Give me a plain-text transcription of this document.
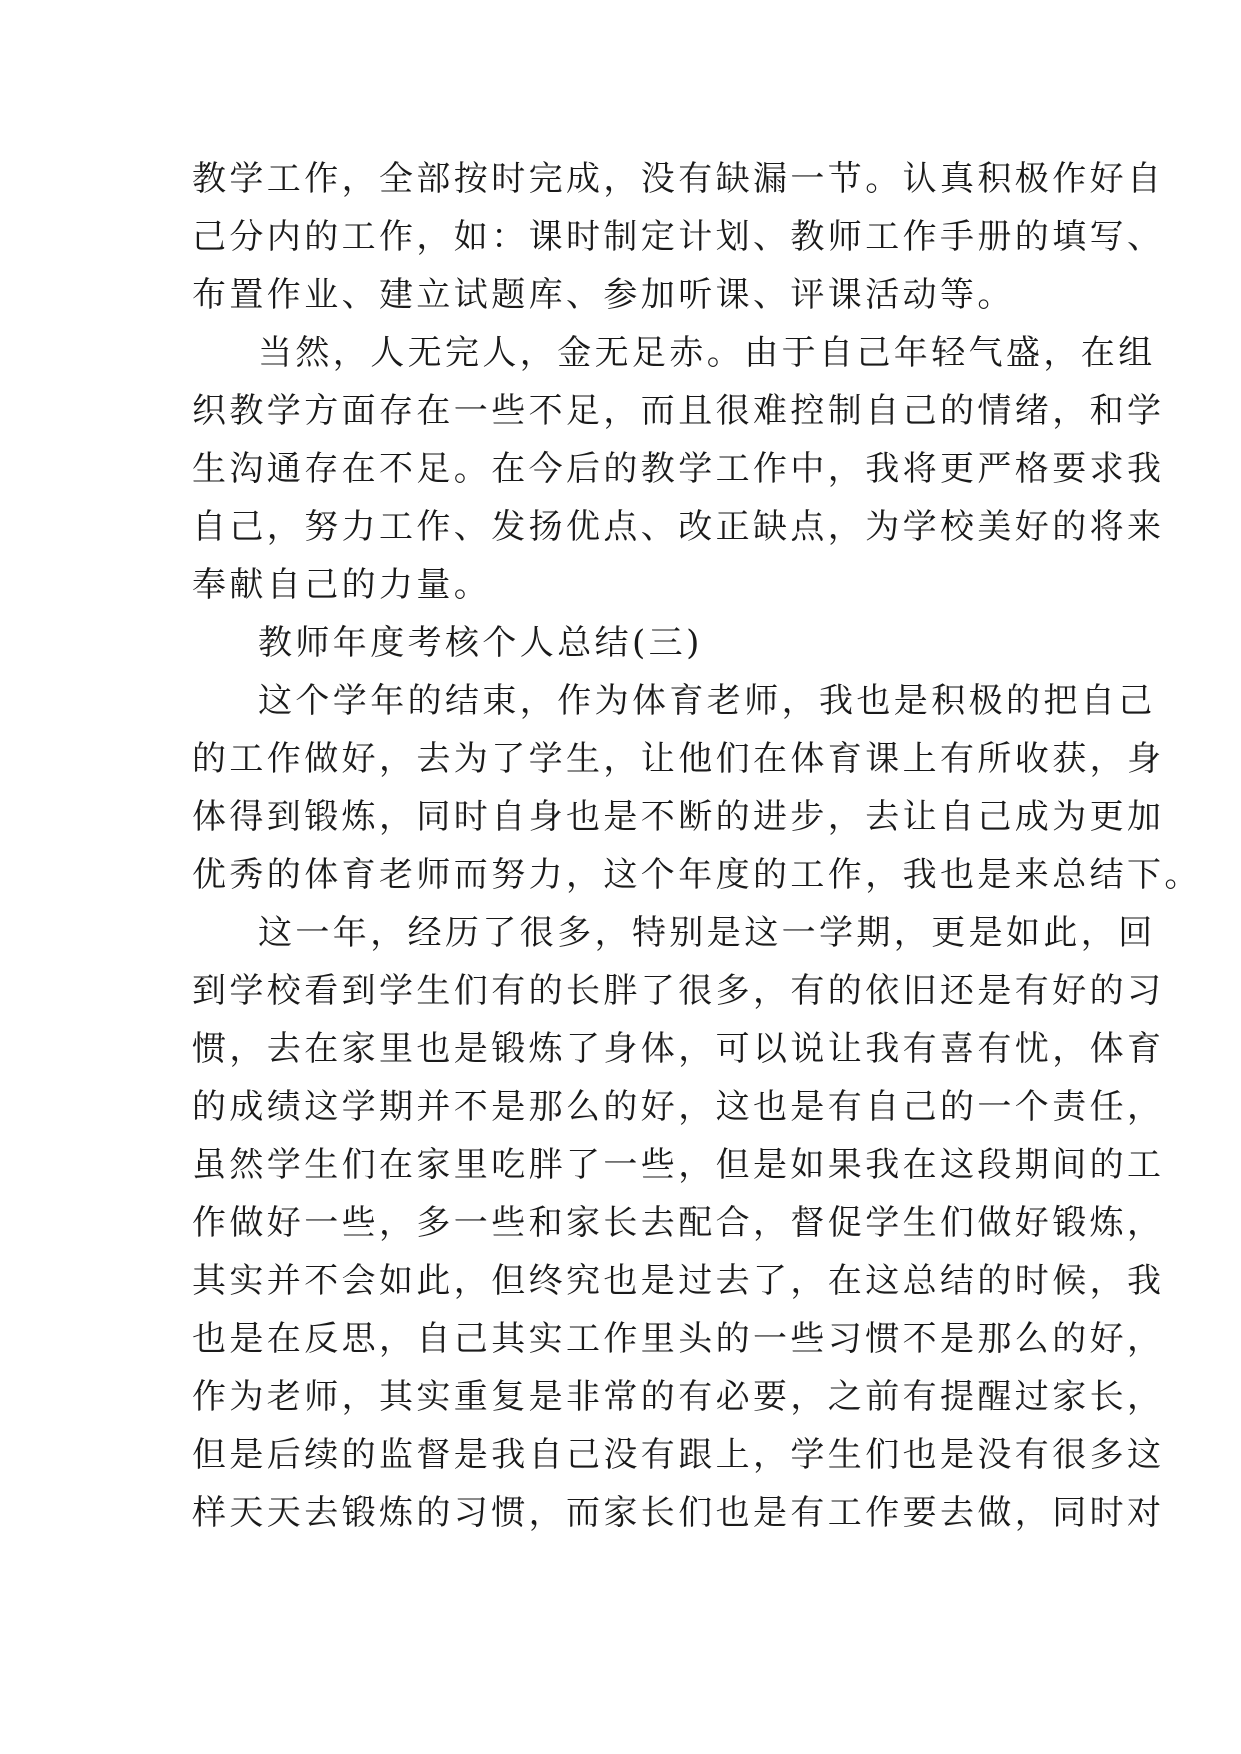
教学工作，全部按时完成，没有缺漏一节。认真积极作好自
己分内的工作，如：课时制定计划、教师工作手册的填写、
布置作业、建立试题库、参加听课、评课活动等。
当然，人无完人，金无足赤。由于自己年轻气盛，在组
织教学方面存在一些不足，而且很难控制自己的情绪，和学
生沟通存在不足。在今后的教学工作中，我将更严格要求我
自己，努力工作、发扬优点、改正缺点，为学校美好的将来
奉献自己的力量。
教师年度考核个人总结(三)
这个学年的结束，作为体育老师，我也是积极的把自己
的工作做好，去为了学生，让他们在体育课上有所收获，身
体得到锻炼，同时自身也是不断的进步，去让自己成为更加
优秀的体育老师而努力，这个年度的工作，我也是来总结下。
这一年，经历了很多，特别是这一学期，更是如此，回
到学校看到学生们有的长胖了很多，有的依旧还是有好的习
惯，去在家里也是锻炼了身体，可以说让我有喜有忧，体育
的成绩这学期并不是那么的好，这也是有自己的一个责任，
虽然学生们在家里吃胖了一些，但是如果我在这段期间的工
作做好一些，多一些和家长去配合，督促学生们做好锻炼，
其实并不会如此，但终究也是过去了，在这总结的时候，我
也是在反思，自己其实工作里头的一些习惯不是那么的好，
作为老师，其实重复是非常的有必要，之前有提醒过家长，
但是后续的监督是我自己没有跟上，学生们也是没有很多这
样天天去锻炼的习惯，而家长们也是有工作要去做，同时对
